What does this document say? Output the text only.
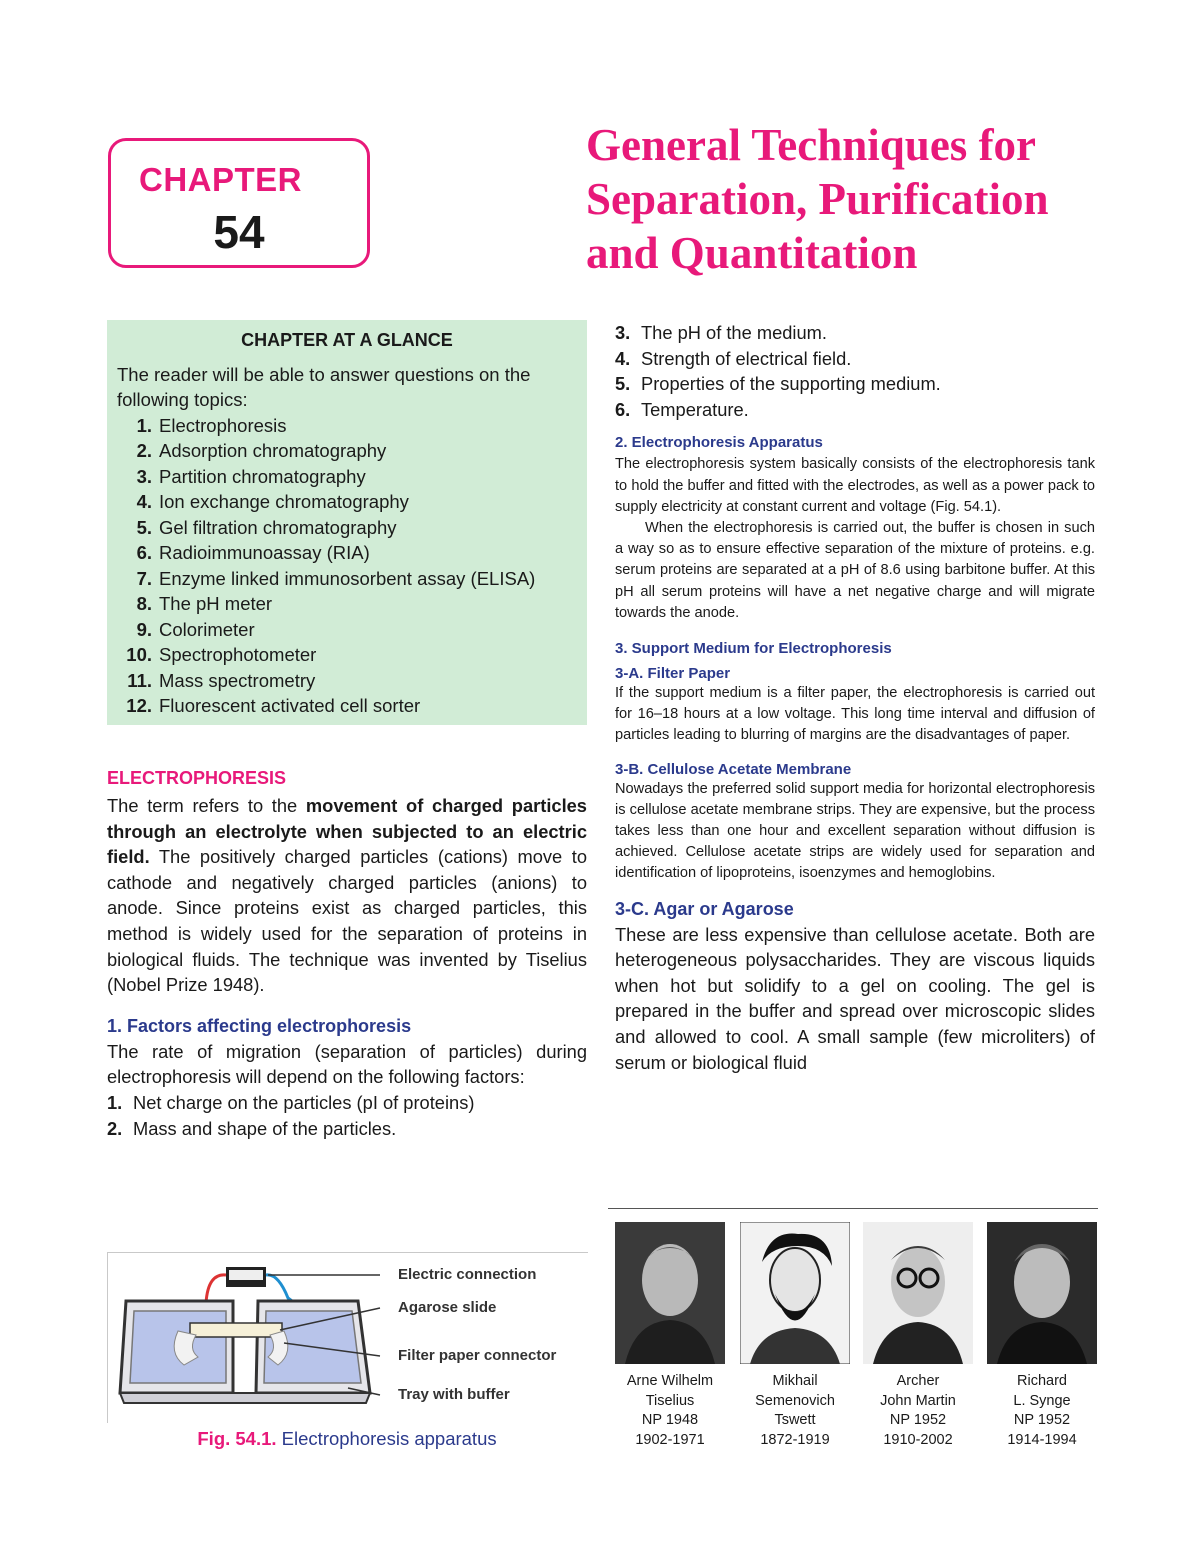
CHAPTER
54
General Techniques for
Separation, Purification
and Quantitation
CHAPTER AT A GLANCE
The reader will be able to answer questions on the following topics:
1. Electrophoresis
2. Adsorption chromatography
3. Partition chromatography
4. Ion exchange chromatography
5. Gel filtration chromatography
6. Radioimmunoassay (RIA)
7. Enzyme linked immunosorbent assay (ELISA)
8. The pH meter
9. Colorimeter
10. Spectrophotometer
11. Mass spectrometry
12. Fluorescent activated cell sorter
ELECTROPHORESIS

The term refers to the movement of charged particles through an electrolyte when subjected to an electric field. The positively charged particles (cations) move to cathode and negatively charged particles (anions) to anode. Since proteins exist as charged particles, this method is widely used for the separation of proteins in biological fluids. The technique was invented by Tiselius (Nobel Prize 1948).

1. Factors affecting electrophoresis

The rate of migration (separation of particles) during electrophoresis will depend on the following factors:

1. Net charge on the particles (pI of proteins)
2. Mass and shape of the particles.
3. The pH of the medium.
4. Strength of electrical field.
5. Properties of the supporting medium.
6. Temperature.
2. Electrophoresis Apparatus

The electrophoresis system basically consists of the electrophoresis tank to hold the buffer and fitted with the electrodes, as well as a power pack to supply electricity at constant current and voltage (Fig. 54.1).

When the electrophoresis is carried out, the buffer is chosen in such a way so as to ensure effective separation of the mixture of proteins. e.g. serum proteins are separated at a pH of 8.6 using barbitone buffer. At this pH all serum proteins will have a net negative charge and will migrate towards the anode.

3. Support Medium for Electrophoresis
3-A. Filter Paper

If the support medium is a filter paper, the electrophoresis is carried out for 16–18 hours at a low voltage. This long time interval and diffusion of particles leading to blurring of margins are the disadvantages of paper.

3-B. Cellulose Acetate Membrane

Nowadays the preferred solid support media for horizontal electrophoresis is cellulose acetate membrane strips. They are expensive, but the process takes less than one hour and excellent separation without diffusion is achieved. Cellulose acetate strips are widely used for separation and identification of lipoproteins, isoenzymes and hemoglobins.

3-C. Agar or Agarose

These are less expensive than cellulose acetate. Both are heterogeneous polysaccharides. They are viscous liquids when hot but solidify to a gel on cooling. The gel is prepared in the buffer and spread over microscopic slides and allowed to cool. A small sample (few microliters) of serum or biological fluid

Electric connection
Agarose slide
Filter paper connector
Tray with buffer
Fig. 54.1. Electrophoresis apparatus
Arne Wilhelm
Tiselius
NP 1948
1902-1971
Mikhail
Semenovich
Tswett
1872-1919
Archer
John Martin
NP 1952
1910-2002
Richard
L. Synge
NP 1952
1914-1994
